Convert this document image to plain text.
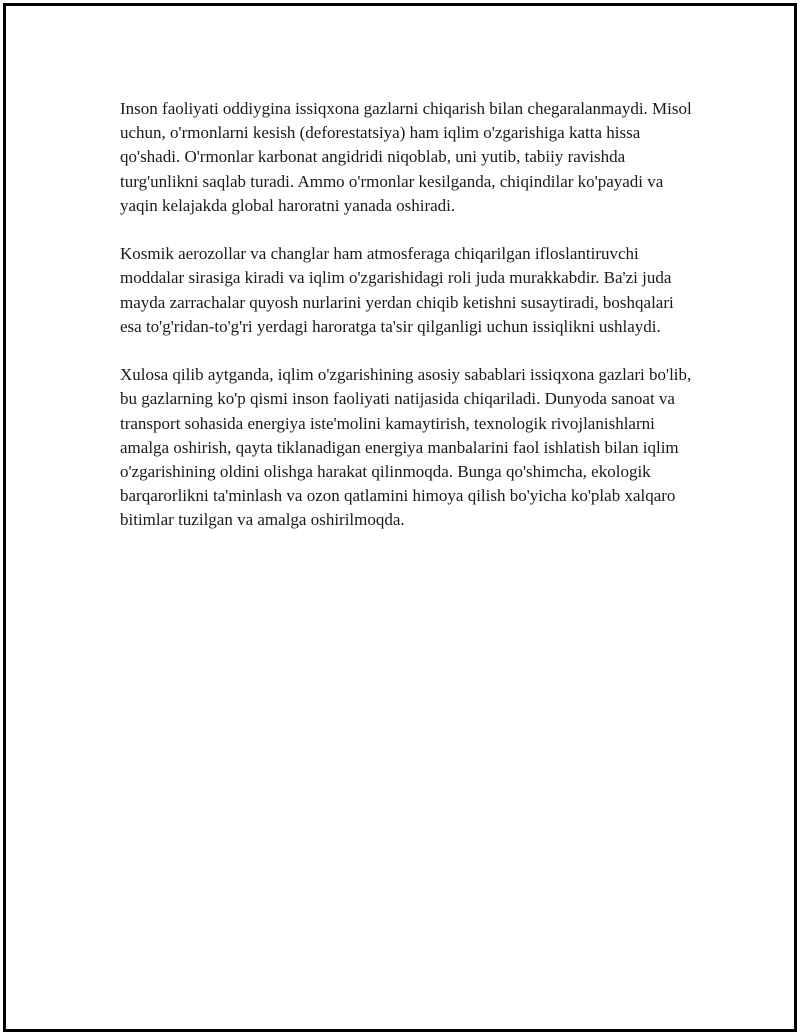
Inson faoliyati oddiygina issiqxona gazlarni chiqarish bilan chegaralanmaydi. Misol uchun, o'rmonlarni kesish (deforestatsiya) ham iqlim o'zgarishiga katta hissa qo'shadi. O'rmonlar karbonat angidridi niqoblab, uni yutib, tabiiy ravishda turg'unlikni saqlab turadi. Ammo o'rmonlar kesilganda, chiqindilar ko'payadi va yaqin kelajakda global haroratni yanada oshiradi.

Kosmik aerozollar va changlar ham atmosferaga chiqarilgan ifloslantiruvchi moddalar sirasiga kiradi va iqlim o'zgarishidagi roli juda murakkabdir. Ba'zi juda mayda zarrachalar quyosh nurlarini yerdan chiqib ketishni susaytiradi, boshqalari esa to'g'ridan-to'g'ri yerdagi haroratga ta'sir qilganligi uchun issiqlikni ushlaydi.

Xulosa qilib aytganda, iqlim o'zgarishining asosiy sabablari issiqxona gazlari bo'lib, bu gazlarning ko'p qismi inson faoliyati natijasida chiqariladi. Dunyoda sanoat va transport sohasida energiya iste'molini kamaytirish, texnologik rivojlanishlarni amalga oshirish, qayta tiklanadigan energiya manbalarini faol ishlatish bilan iqlim o'zgarishining oldini olishga harakat qilinmoqda. Bunga qo'shimcha, ekologik barqarorlikni ta'minlash va ozon qatlamini himoya qilish bo'yicha ko'plab xalqaro bitimlar tuzilgan va amalga oshirilmoqda.
